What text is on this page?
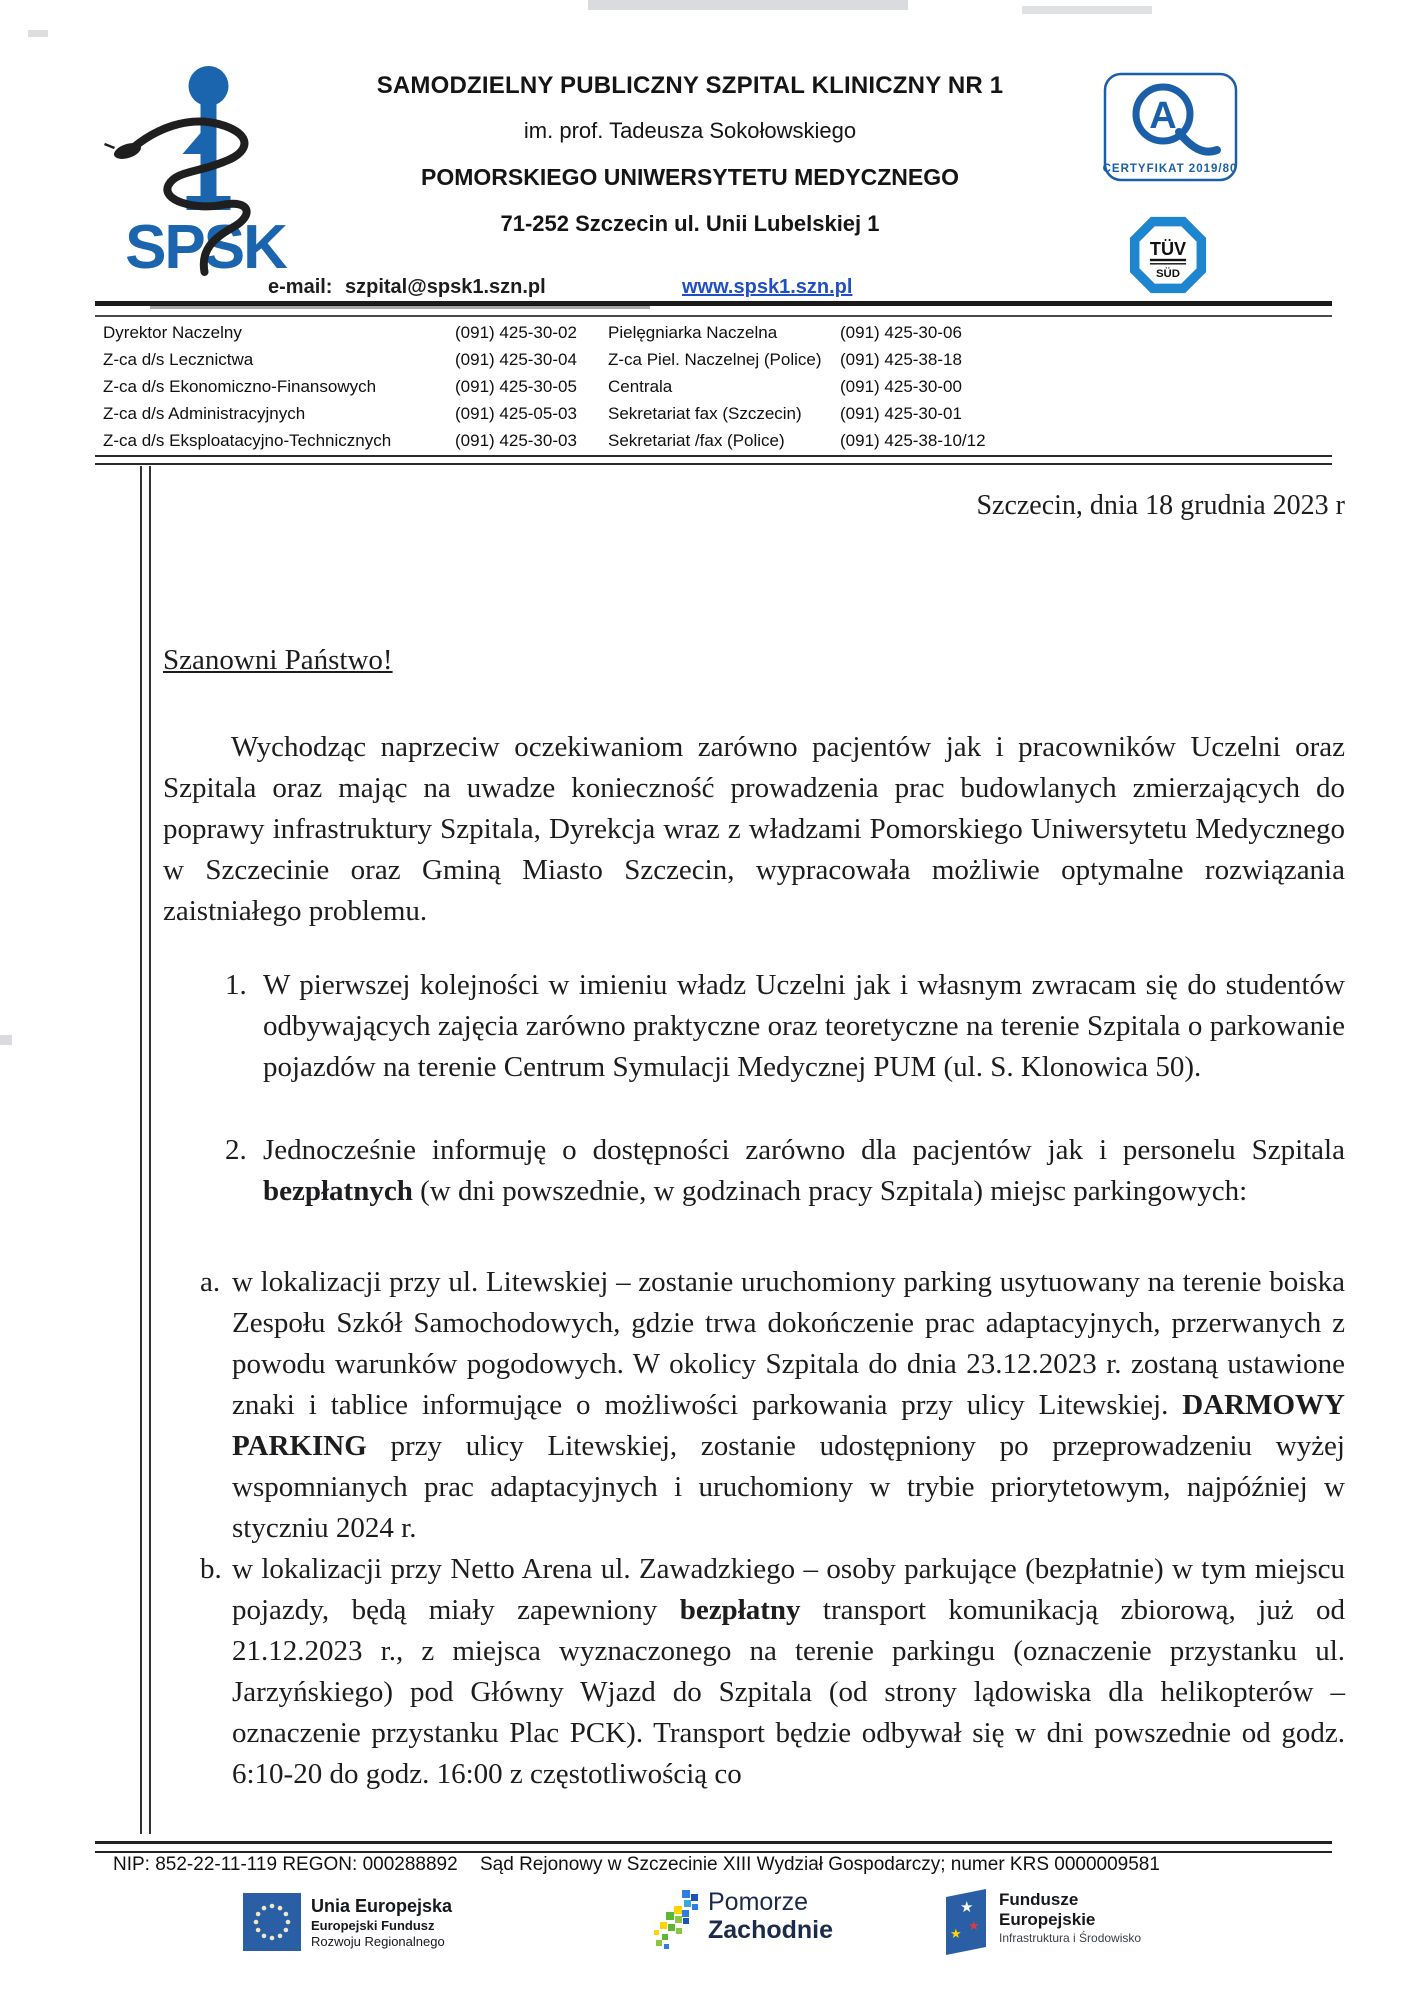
SPSK
SAMODZIELNY PUBLICZNY SZPITAL KLINICZNY NR 1
im. prof. Tadeusza Sokołowskiego
POMORSKIEGO UNIWERSYTETU MEDYCZNEGO
71-252 Szczecin ul. Unii Lubelskiej 1
A
CERTYFIKAT 2019/80
TÜV
SÜD
e-mail: szpital@spsk1.szn.pl	www.spsk1.szn.pl
Dyrektor Naczelny	(091) 425-30-02	Pielęgniarka Naczelna	(091) 425-30-06
Z-ca d/s Lecznictwa	(091) 425-30-04	Z-ca Piel. Naczelnej (Police)	(091) 425-38-18
Z-ca d/s Ekonomiczno-Finansowych	(091) 425-30-05	Centrala	(091) 425-30-00
Z-ca d/s Administracyjnych	(091) 425-05-03	Sekretariat fax (Szczecin)	(091) 425-30-01
Z-ca d/s Eksploatacyjno-Technicznych	(091) 425-30-03	Sekretariat /fax (Police)	(091) 425-38-10/12
Szczecin, dnia 18 grudnia 2023 r
Szanowni Państwo!

Wychodząc naprzeciw oczekiwaniom zarówno pacjentów jak i pracowników Uczelni oraz Szpitala oraz mając na uwadze konieczność prowadzenia prac budowlanych zmierzających do poprawy infrastruktury Szpitala, Dyrekcja wraz z władzami Pomorskiego Uniwersytetu Medycznego w Szczecinie oraz Gminą Miasto Szczecin, wypracowała możliwie optymalne rozwiązania zaistniałego problemu.

1. W pierwszej kolejności w imieniu władz Uczelni jak i własnym zwracam się do studentów odbywających zajęcia zarówno praktyczne oraz teoretyczne na terenie Szpitala o parkowanie pojazdów na terenie Centrum Symulacji Medycznej PUM (ul. S. Klonowica 50).
2. Jednocześnie informuję o dostępności zarówno dla pacjentów jak i personelu Szpitala bezpłatnych (w dni powszednie, w godzinach pracy Szpitala) miejsc parkingowych:
a. w lokalizacji przy ul. Litewskiej – zostanie uruchomiony parking usytuowany na terenie boiska Zespołu Szkół Samochodowych, gdzie trwa dokończenie prac adaptacyjnych, przerwanych z powodu warunków pogodowych. W okolicy Szpitala do dnia 23.12.2023 r. zostaną ustawione znaki i tablice informujące o możliwości parkowania przy ulicy Litewskiej. DARMOWY PARKING przy ulicy Litewskiej, zostanie udostępniony po przeprowadzeniu wyżej wspomnianych prac adaptacyjnych i uruchomiony w trybie priorytetowym, najpóźniej w styczniu 2024 r.
b. w lokalizacji przy Netto Arena ul. Zawadzkiego – osoby parkujące (bezpłatnie) w tym miejscu pojazdy, będą miały zapewniony bezpłatny transport komunikacją zbiorową, już od 21.12.2023 r., z miejsca wyznaczonego na terenie parkingu (oznaczenie przystanku ul. Jarzyńskiego) pod Główny Wjazd do Szpitala (od strony lądowiska dla helikopterów – oznaczenie przystanku Plac PCK). Transport będzie odbywał się w dni powszednie od godz. 6:10-20 do godz. 16:00 z częstotliwością co
NIP: 852-22-11-119 REGON: 000288892 Sąd Rejonowy w Szczecinie XIII Wydział Gospodarczy; numer KRS 0000009581
Unia Europejska
Europejski Fundusz
Rozwoju Regionalnego
Pomorze
Zachodnie
★
★
★
Fundusze
Europejskie
Infrastruktura i Środowisko
